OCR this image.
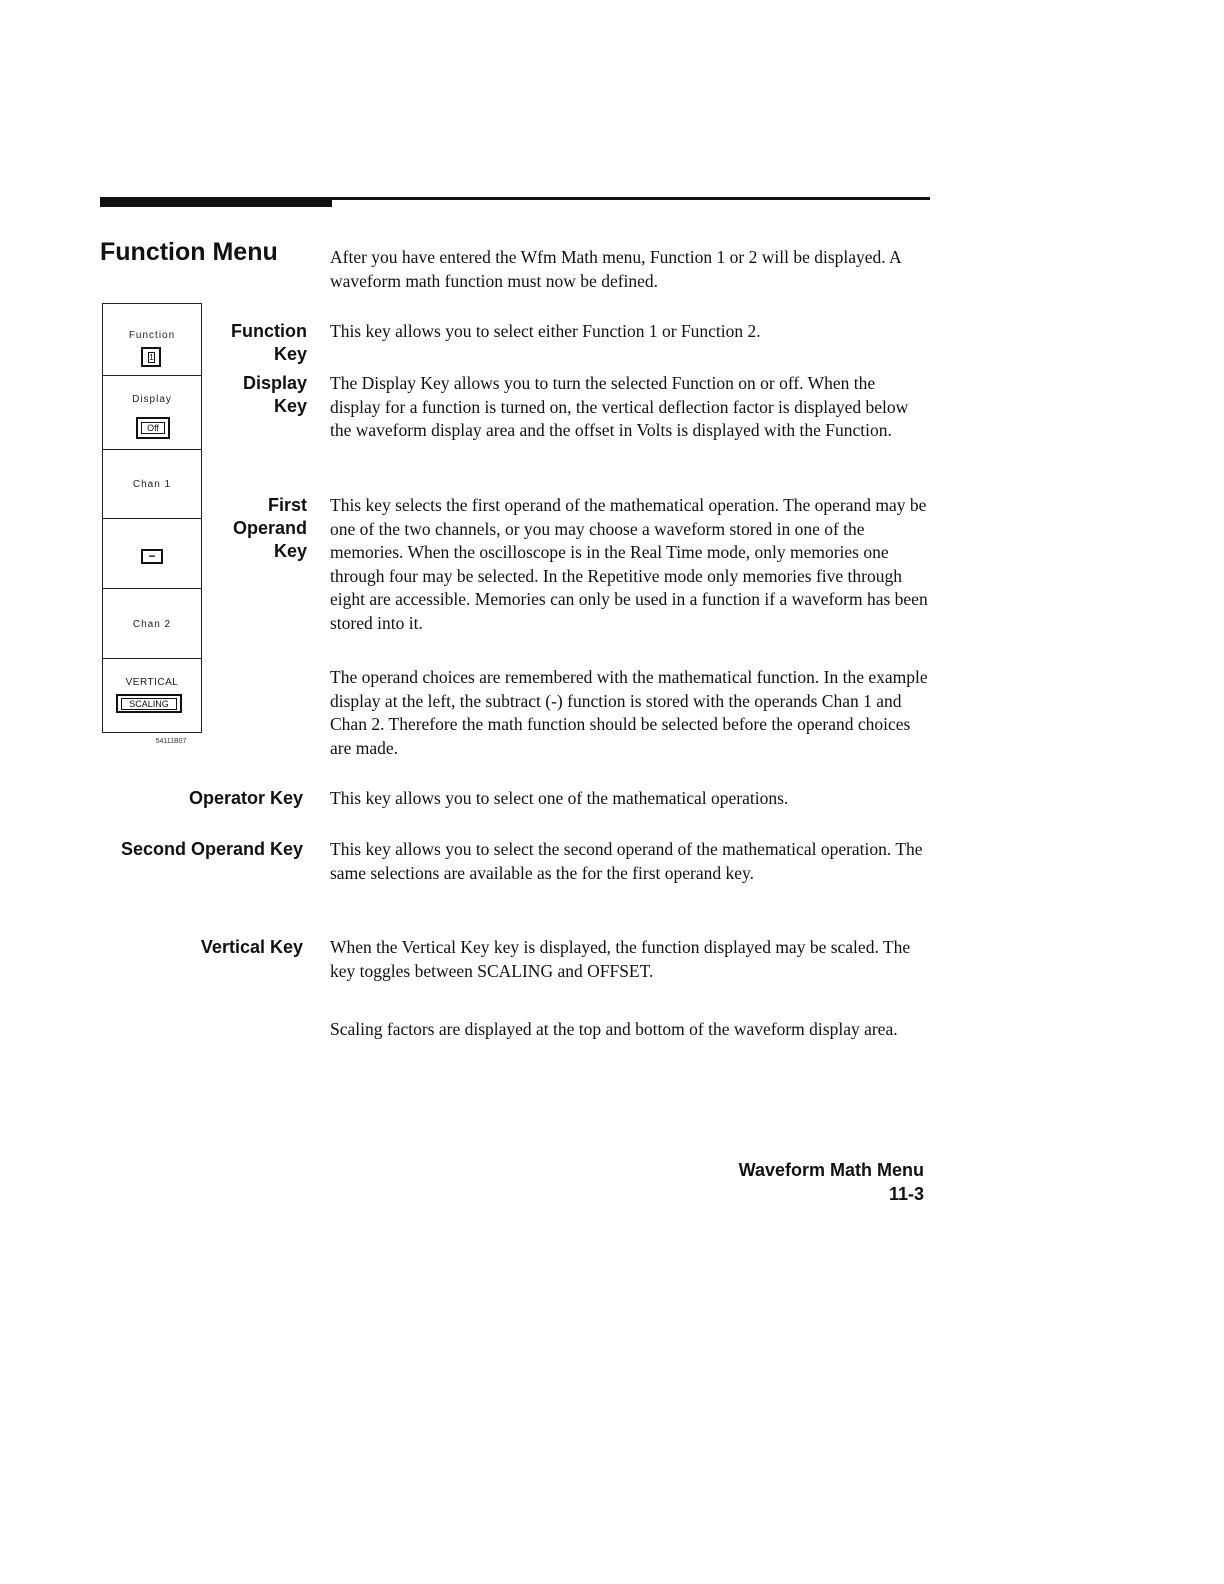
Function Menu	After you have entered the Wfm Math menu, Function 1 or 2 will be displayed. A waveform math function must now be defined.

Function
1
Display
Off
Chan 1
−
Chan 2
VERTICAL
SCALING
54111B07
Function
Key

This key allows you to select either Function 1 or Function 2.

Display
Key

The Display Key allows you to turn the selected Function on or off. When the display for a function is turned on, the vertical deflection factor is displayed below the waveform display area and the offset in Volts is displayed with the Function.

First
Operand
Key

This key selects the first operand of the mathematical operation. The operand may be one of the two channels, or you may choose a waveform stored in one of the memories. When the oscilloscope is in the Real Time mode, only memories one through four may be selected. In the Repetitive mode only memories five through eight are accessible. Memories can only be used in a function if a waveform has been stored into it.

The operand choices are remembered with the mathematical function. In the example display at the left, the subtract (-) function is stored with the operands Chan 1 and Chan 2. Therefore the math function should be selected before the operand choices are made.

Operator Key This key allows you to select one of the mathematical operations.

Second Operand Key This key allows you to select the second operand of the mathematical operation. The same selections are available as the for the first operand key.

Vertical Key When the Vertical Key key is displayed, the function displayed may be scaled. The key toggles between SCALING and OFFSET.

Scaling factors are displayed at the top and bottom of the waveform display area.

Waveform Math Menu

11-3
